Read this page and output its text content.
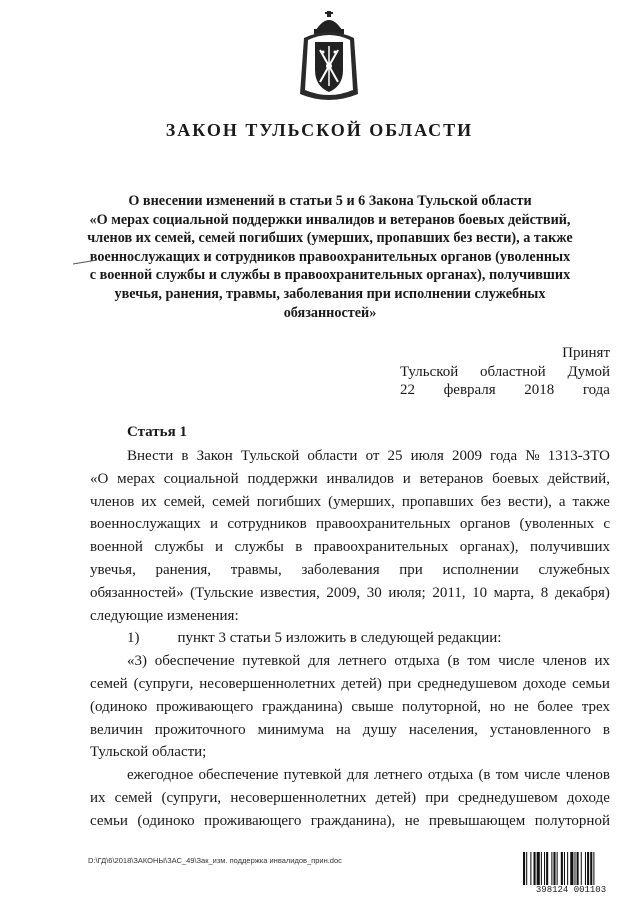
ЗАКОН ТУЛЬСКОЙ ОБЛАСТИ
О внесении изменений в статьи 5 и 6 Закона Тульской области
«О мерах социальной поддержки инвалидов и ветеранов боевых действий,
членов их семей, семей погибших (умерших, пропавших без вести), а также
военнослужащих и сотрудников правоохранительных органов (уволенных
с военной службы и службы в правоохранительных органах), получивших
увечья, ранения, травмы, заболевания при исполнении служебных
обязанностей»
Принят
Тульской областной Думой
22 февраля 2018 года
Статья 1
Внести в Закон Тульской области от 25 июля 2009 года № 1313-ЗТО
«О мерах социальной поддержки инвалидов и ветеранов боевых действий,
членов их семей, семей погибших (умерших, пропавших без вести), а также
военнослужащих и сотрудников правоохранительных органов (уволенных с
военной службы и службы в правоохранительных органах), получивших
увечья, ранения, травмы, заболевания при исполнении служебных
обязанностей» (Тульские известия, 2009, 30 июля; 2011, 10 марта, 8 декабря)
следующие изменения:
1)	пункт 3 статьи 5 изложить в следующей редакции:
«3) обеспечение путевкой для летнего отдыха (в том числе членов их
семей (супруги, несовершеннолетних детей) при среднедушевом доходе семьи
(одиноко проживающего гражданина) свыше полуторной, но не более трех
величин прожиточного минимума на душу населения, установленного в
Тульской области;
ежегодное обеспечение путевкой для летнего отдыха (в том числе членов
их семей (супруги, несовершеннолетних детей) при среднедушевом доходе
семьи (одиноко проживающего гражданина), не превышающем полуторной
D:\ГД\6\2018\ЗАКОНЫ\ЗАС_49\Зак_изм. поддержка инвалидов_прин.doc
398124 001103
